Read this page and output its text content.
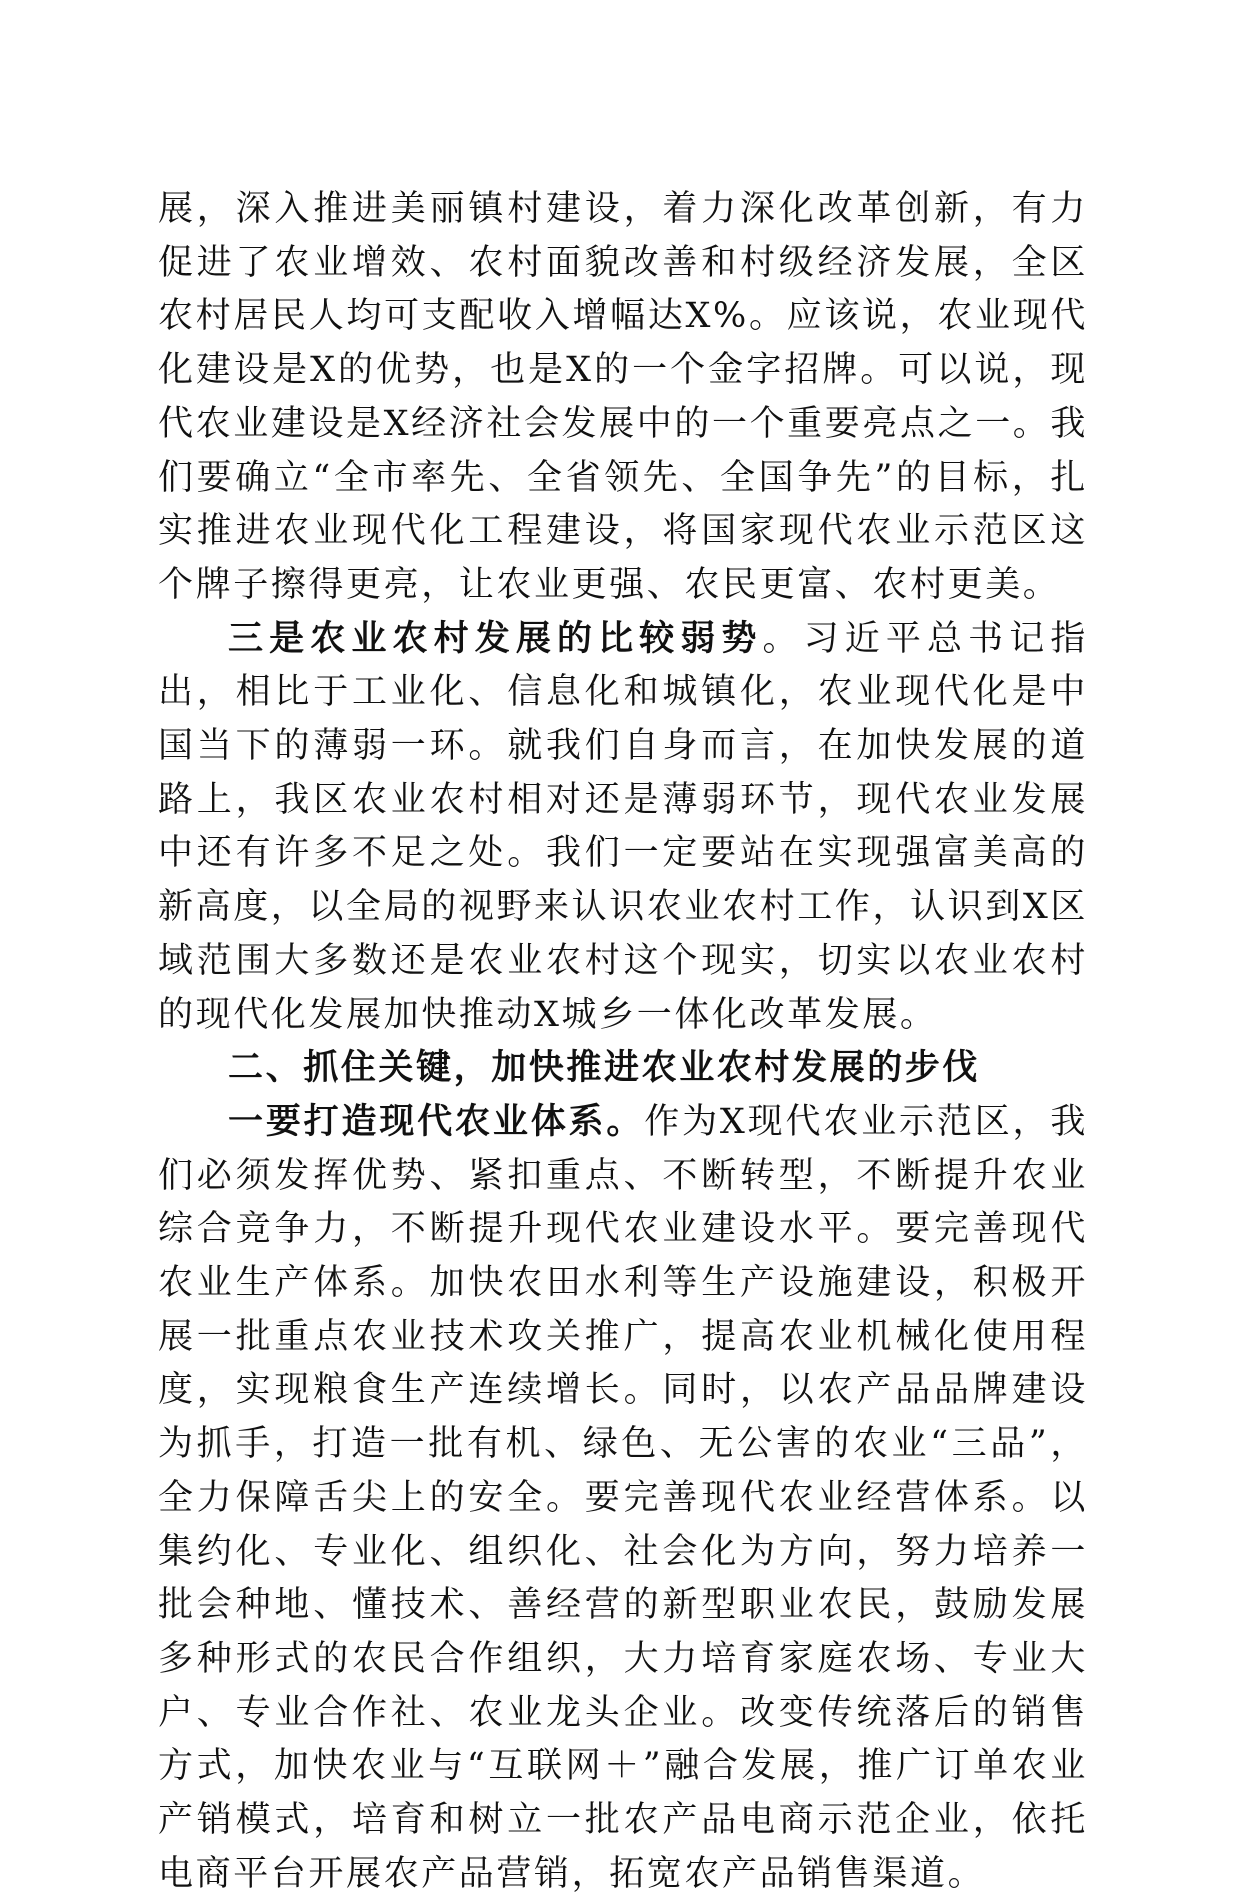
展，深入推进美丽镇村建设，着力深化改革创新，有力促进了农业增效、农村面貌改善和村级经济发展，全区农村居民人均可支配收入增幅达X%。应该说，农业现代化建设是X的优势，也是X的一个金字招牌。可以说，现代农业建设是X经济社会发展中的一个重要亮点之一。我们要确立“全市率先、全省领先、全国争先”的目标，扎实推进农业现代化工程建设，将国家现代农业示范区这个牌子擦得更亮，让农业更强、农民更富、农村更美。

三是农业农村发展的比较弱势。习近平总书记指出，相比于工业化、信息化和城镇化，农业现代化是中国当下的薄弱一环。就我们自身而言，在加快发展的道路上，我区农业农村相对还是薄弱环节，现代农业发展中还有许多不足之处。我们一定要站在实现强富美高的新高度，以全局的视野来认识农业农村工作，认识到X区域范围大多数还是农业农村这个现实，切实以农业农村的现代化发展加快推动X城乡一体化改革发展。

二、抓住关键，加快推进农业农村发展的步伐

一要打造现代农业体系。作为X现代农业示范区，我们必须发挥优势、紧扣重点、不断转型，不断提升农业综合竞争力，不断提升现代农业建设水平。要完善现代农业生产体系。加快农田水利等生产设施建设，积极开展一批重点农业技术攻关推广，提高农业机械化使用程度，实现粮食生产连续增长。同时，以农产品品牌建设为抓手，打造一批有机、绿色、无公害的农业“三品”，全力保障舌尖上的安全。要完善现代农业经营体系。以集约化、专业化、组织化、社会化为方向，努力培养一批会种地、懂技术、善经营的新型职业农民，鼓励发展多种形式的农民合作组织，大力培育家庭农场、专业大户、专业合作社、农业龙头企业。改变传统落后的销售方式，加快农业与“互联网＋”融合发展，推广订单农业产销模式，培育和树立一批农产品电商示范企业，依托电商平台开展农产品营销，拓宽农产品销售渠道。
